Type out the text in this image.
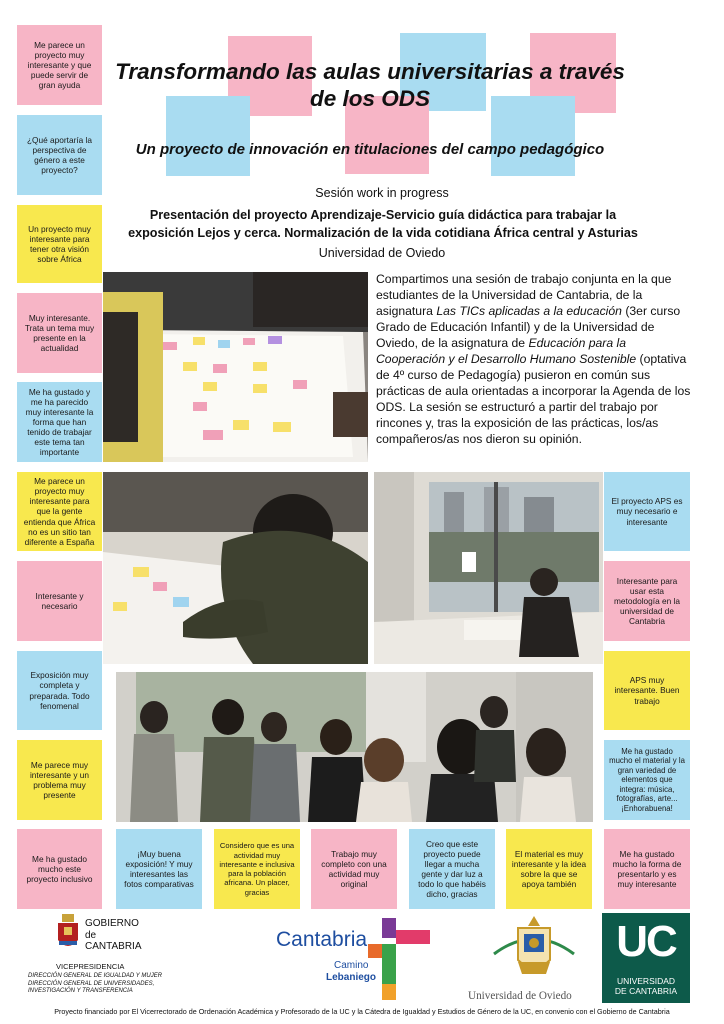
Transformando las aulas universitarias a través de los ODS
Un proyecto de innovación en titulaciones del campo pedagógico
Sesión work in progress
Presentación del proyecto Aprendizaje-Servicio guía didáctica para trabajar la exposición Lejos y cerca. Normalización de la vida cotidiana África central y Asturias
Universidad de Oviedo
Me parece un proyecto muy interesante y que puede servir de gran ayuda
¿Qué aportaría la perspectiva de género a este proyecto?
Un proyecto muy interesante para tener otra visión sobre África
Muy interesante. Trata un tema muy presente en la actualidad
Me ha gustado y me ha parecido muy interesante la forma que han tenido de trabajar este tema tan importante
Me parece un proyecto muy interesante para que la gente entienda que África no es un sitio tan diferente a España
Interesante y necesario
Exposición muy completa y preparada. Todo fenomenal
Me parece muy interesante y un problema muy presente
Me ha gustado mucho este proyecto inclusivo
¡Muy buena exposición! Y muy interesantes las fotos comparativas
Considero que es una actividad muy interesante e inclusiva para la población africana. Un placer, gracias
Trabajo muy completo con una actividad muy original
Creo que este proyecto puede llegar a mucha gente y dar luz a todo lo que habéis dicho, gracias
El material es muy interesante y la idea sobre la que se apoya también
Me ha gustado mucho la forma de presentarlo y es muy interesante
El proyecto APS es muy necesario e interesante
Interesante para usar esta metodología en la universidad de Cantabria
APS muy interesante. Buen trabajo
Me ha gustado mucho el material y la gran variedad de elementos que integra: música, fotografías, arte... ¡Enhorabuena!
Compartimos una sesión de trabajo conjunta en la que estudiantes de la Universidad de Cantabria, de la asignatura Las TICs aplicadas a la educación (3er curso Grado de Educación Infantil) y de la Universidad de Oviedo, de la asignatura de Educación para la Cooperación y el Desarrollo Humano Sostenible (optativa de 4º curso de Pedagogía) pusieron en común sus prácticas de aula orientadas a incorporar la Agenda de los ODS. La sesión se estructuró a partir del trabajo por rincones y, tras la exposición de las prácticas, los/as compañeros/as nos dieron su opinión.
GOBIERNO
de
CANTABRIA
VICEPRESIDENCIA
DIRECCIÓN GENERAL DE IGUALDAD Y MUJER
DIRECCIÓN GENERAL DE UNIVERSIDADES, INVESTIGACIÓN Y TRANSFERENCIA
Cantabria
Camino
Lebaniego
Universidad de Oviedo
UC
UNIVERSIDAD
DE CANTABRIA
Proyecto financiado por El Vicerrectorado de Ordenación Académica y Profesorado de la UC y la Cátedra de Igualdad y Estudios de Género de la UC, en convenio con el Gobierno de Cantabria
